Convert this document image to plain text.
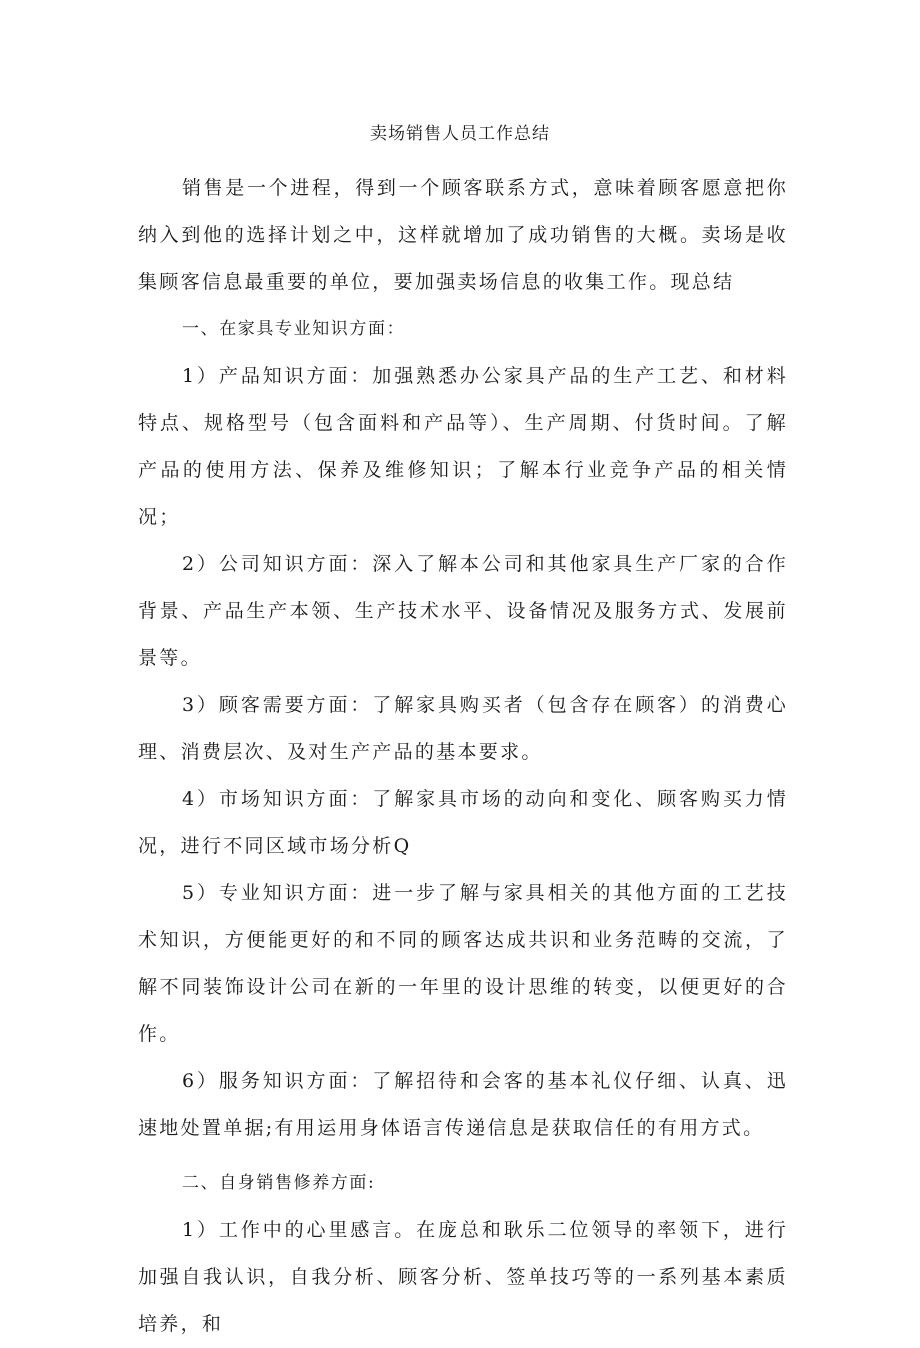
卖场销售人员工作总结

销售是一个进程，得到一个顾客联系方式，意味着顾客愿意把你纳入到他的选择计划之中，这样就增加了成功销售的大概。卖场是收集顾客信息最重要的单位，要加强卖场信息的收集工作。现总结

一、在家具专业知识方面：

1）产品知识方面：加强熟悉办公家具产品的生产工艺、和材料特点、规格型号（包含面料和产品等）、生产周期、付货时间。了解产品的使用方法、保养及维修知识；了解本行业竞争产品的相关情况；

2）公司知识方面：深入了解本公司和其他家具生产厂家的合作背景、产品生产本领、生产技术水平、设备情况及服务方式、发展前景等。

3）顾客需要方面：了解家具购买者（包含存在顾客）的消费心理、消费层次、及对生产产品的基本要求。

4）市场知识方面：了解家具市场的动向和变化、顾客购买力情况，进行不同区域市场分析Q

5）专业知识方面：进一步了解与家具相关的其他方面的工艺技术知识，方便能更好的和不同的顾客达成共识和业务范畴的交流，了解不同装饰设计公司在新的一年里的设计思维的转变，以便更好的合作。

6）服务知识方面：了解招待和会客的基本礼仪仔细、认真、迅速地处置单据;有用运用身体语言传递信息是获取信任的有用方式。

二、自身销售修养方面:

1）工作中的心里感言。在庞总和耿乐二位领导的率领下，进行加强自我认识，自我分析、顾客分析、签单技巧等的一系列基本素质培养，和
